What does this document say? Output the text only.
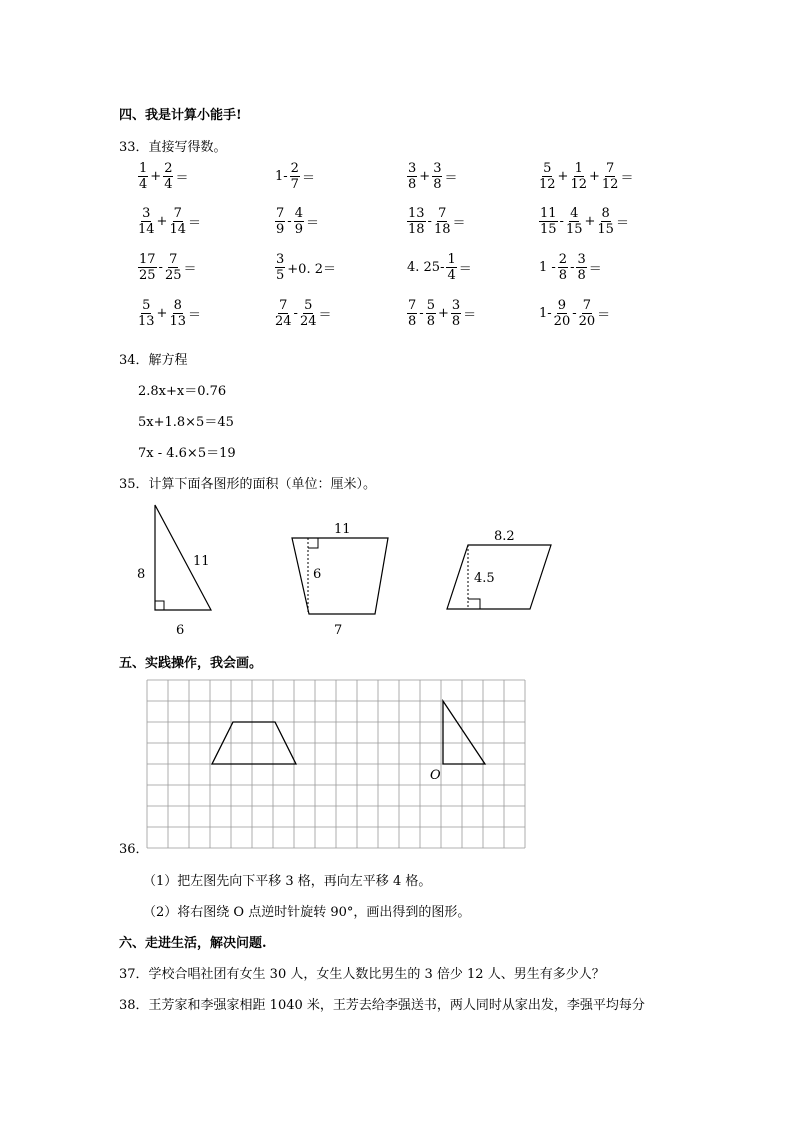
四、我是计算小能手!
33．直接写得数。
$\frac{1}{4} + \frac{2}{4}$ ＝	$1- \frac{2}{7}$ ＝	$\frac{3}{8} + \frac{3}{8}$ ＝	$\frac{5}{12} + \frac{1}{12} + \frac{7}{12}$ ＝
$\frac{3}{14} + \frac{7}{14}$ ＝	$\frac{7}{9} - \frac{4}{9}$ ＝	$\frac{13}{18} - \frac{7}{18}$ ＝	$\frac{11}{15} - \frac{4}{15} + \frac{8}{15}$ ＝
$\frac{17}{25} - \frac{7}{25}$ ＝	$\frac{3}{5} +0$. 2＝	4. $25- \frac{1}{4}$ ＝	$1 - \frac{2}{8} - \frac{3}{8}$ ＝
$\frac{5}{13} + \frac{8}{13}$ ＝	$\frac{7}{24} - \frac{5}{24}$ ＝	$\frac{7}{8} - \frac{5}{8} + \frac{3}{8}$ ＝	$1- \frac{9}{20} - \frac{7}{20}$ ＝
34．解方程
2.8x+x＝0.76
5x+1.8×5＝45
7x - 4.6×5＝19
35．计算下面各图形的面积（单位：厘米）。
8
11
6
11
6
7
8.2
4.5
五、实践操作，我会画。
O
36．
（1）把左图先向下平移 3 格，再向左平移 4 格。
（2）将右图绕 O 点逆时针旋转 90°，画出得到的图形。
六、走进生活，解决问题.
37．学校合唱社团有女生 30 人，女生人数比男生的 3 倍少 12 人、男生有多少人？
38．王芳家和李强家相距 1040 米，王芳去给李强送书，两人同时从家出发，李强平均每分
